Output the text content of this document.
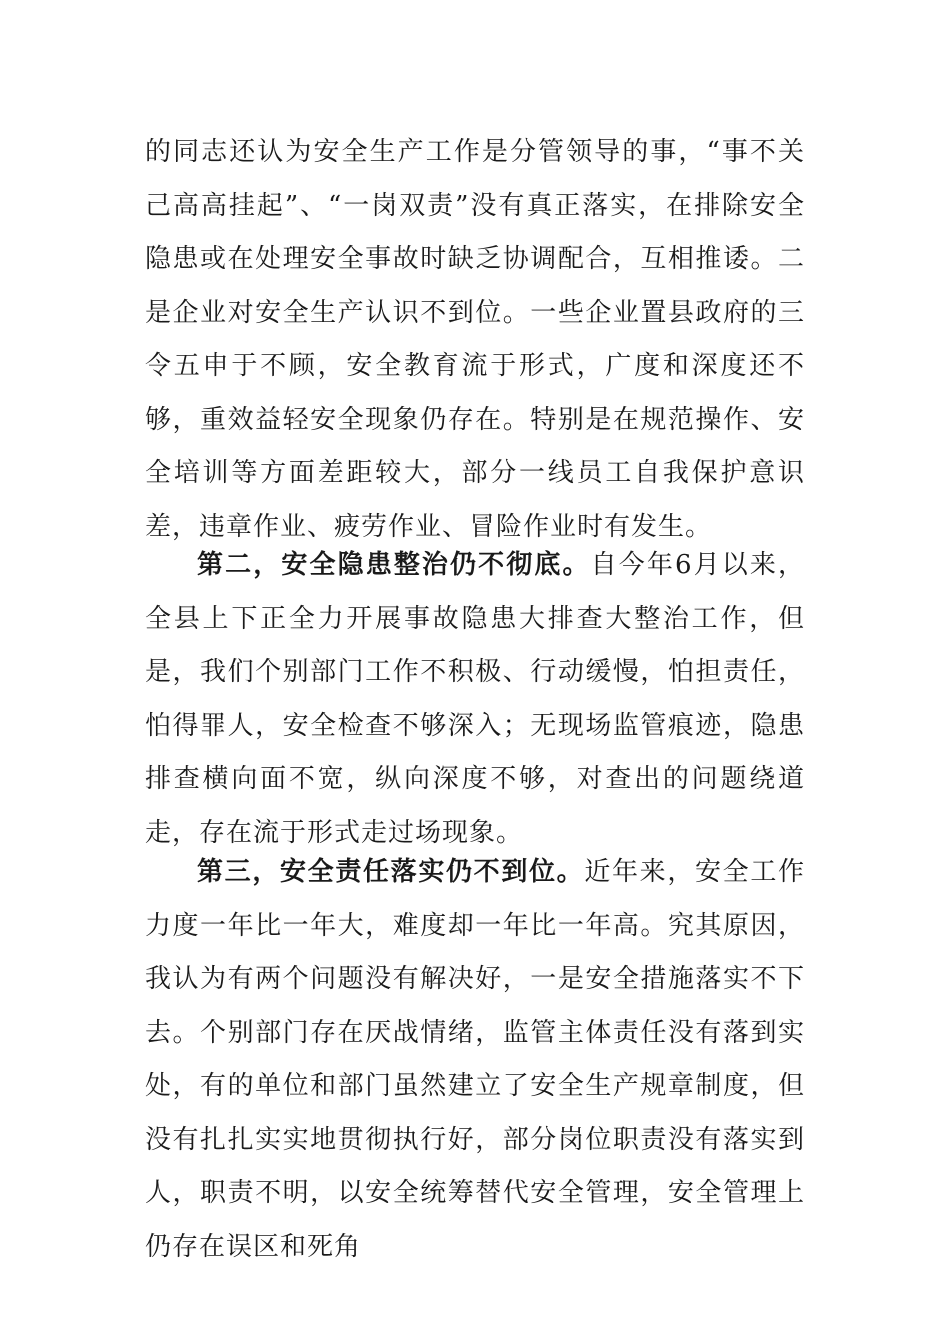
的同志还认为安全生产工作是分管领导的事，“事不关己高高挂起”、“一岗双责”没有真正落实，在排除安全隐患或在处理安全事故时缺乏协调配合，互相推诿。二是企业对安全生产认识不到位。一些企业置县政府的三令五申于不顾，安全教育流于形式，广度和深度还不够，重效益轻安全现象仍存在。特别是在规范操作、安全培训等方面差距较大，部分一线员工自我保护意识差，违章作业、疲劳作业、冒险作业时有发生。
第二，安全隐患整治仍不彻底。自今年6月以来，全县上下正全力开展事故隐患大排查大整治工作，但是，我们个别部门工作不积极、行动缓慢，怕担责任，怕得罪人，安全检查不够深入；无现场监管痕迹，隐患排查横向面不宽，纵向深度不够，对查出的问题绕道走，存在流于形式走过场现象。
第三，安全责任落实仍不到位。近年来，安全工作力度一年比一年大，难度却一年比一年高。究其原因，我认为有两个问题没有解决好，一是安全措施落实不下去。个别部门存在厌战情绪，监管主体责任没有落到实处，有的单位和部门虽然建立了安全生产规章制度，但没有扎扎实实地贯彻执行好，部分岗位职责没有落实到人，职责不明，以安全统筹替代安全管理，安全管理上仍存在误区和死角
